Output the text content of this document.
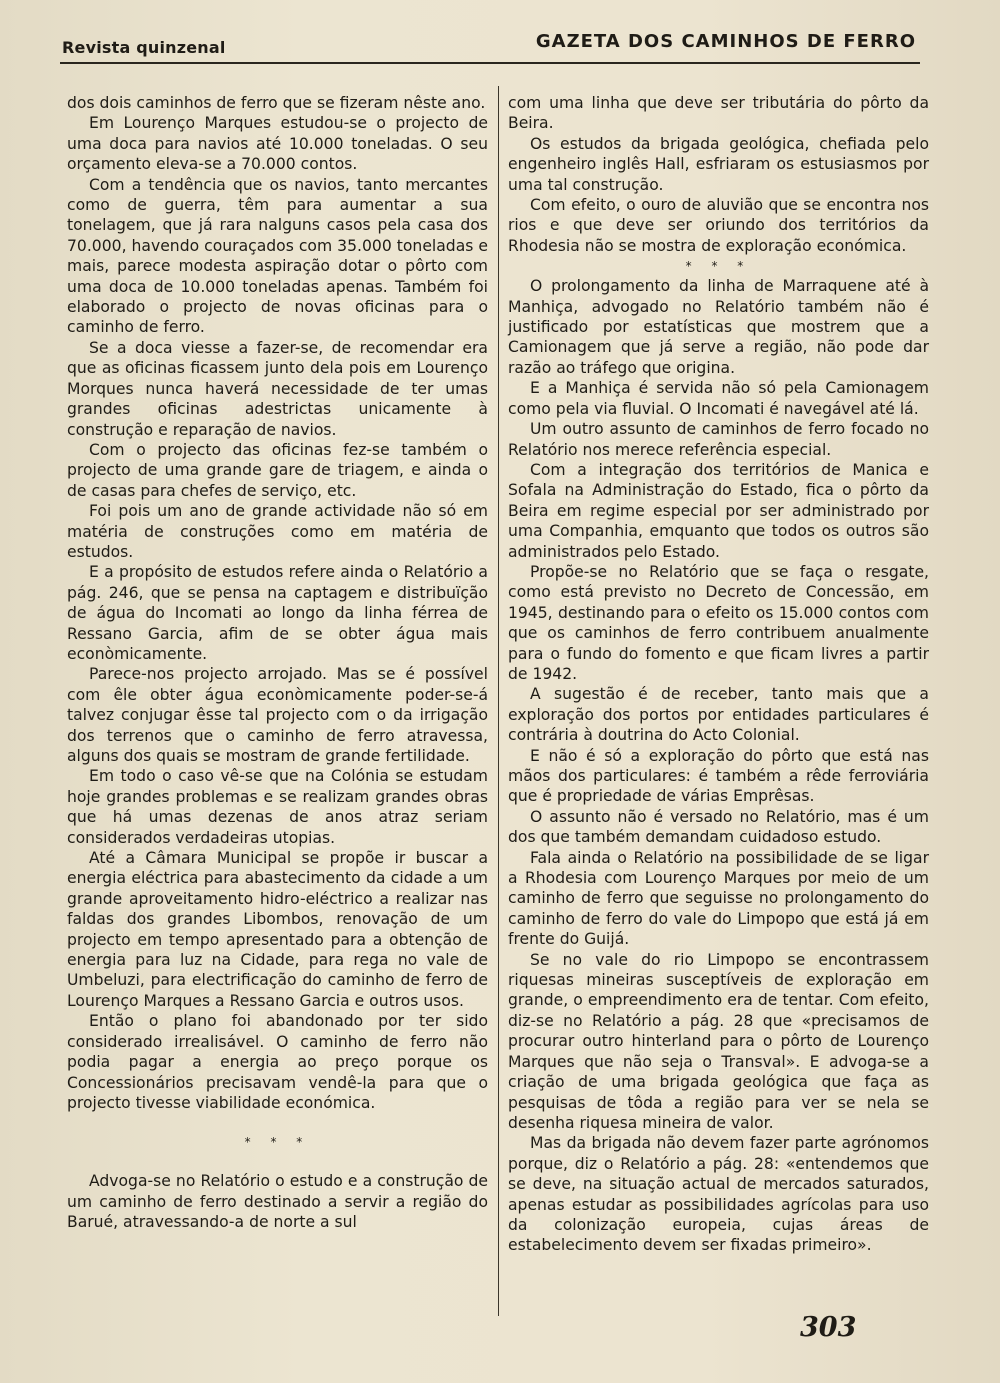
Revista quinzenal	GAZETA DOS CAMINHOS DE FERRO

dos dois caminhos de ferro que se fizeram nêste ano.

Em Lourenço Marques estudou-se o projecto de uma doca para navios até 10.000 toneladas. O seu orçamento eleva-se a 70.000 contos.

Com a tendência que os navios, tanto mercantes como de guerra, têm para aumentar a sua tonelagem, que já rara nalguns casos pela casa dos 70.000, havendo couraçados com 35.000 toneladas e mais, parece modesta aspiração dotar o pôrto com uma doca de 10.000 toneladas apenas. Também foi elaborado o projecto de novas oficinas para o caminho de ferro.

Se a doca viesse a fazer-se, de recomendar era que as oficinas ficassem junto dela pois em Lourenço Morques nunca haverá necessidade de ter umas grandes oficinas adestrictas unicamente à construção e reparação de navios.

Com o projecto das oficinas fez-se também o projecto de uma grande gare de triagem, e ainda o de casas para chefes de serviço, etc.

Foi pois um ano de grande actividade não só em matéria de construções como em matéria de estudos.

E a propósito de estudos refere ainda o Relatório a pág. 246, que se pensa na captagem e distribuïção de água do Incomati ao longo da linha férrea de Ressano Garcia, afim de se obter água mais econòmicamente.

Parece-nos projecto arrojado. Mas se é possível com êle obter água econòmicamente poder-se-á talvez conjugar êsse tal projecto com o da irrigação dos terrenos que o caminho de ferro atravessa, alguns dos quais se mostram de grande fertilidade.

Em todo o caso vê-se que na Colónia se estudam hoje grandes problemas e se realizam grandes obras que há umas dezenas de anos atraz seriam considerados verdadeiras utopias.

Até a Câmara Municipal se propõe ir buscar a energia eléctrica para abastecimento da cidade a um grande aproveitamento hidro-eléctrico a realizar nas faldas dos grandes Libombos, renovação de um projecto em tempo apresentado para a obtenção de energia para luz na Cidade, para rega no vale de Umbeluzi, para electrificação do caminho de ferro de Lourenço Marques a Ressano Garcia e outros usos.

Então o plano foi abandonado por ter sido considerado irrealisável. O caminho de ferro não podia pagar a energia ao preço porque os Concessionários precisavam vendê-la para que o projecto tivesse viabilidade económica.

* * *

Advoga-se no Relatório o estudo e a construção de um caminho de ferro destinado a servir a região do Barué, atravessando-a de norte a sul

com uma linha que deve ser tributária do pôrto da Beira.

Os estudos da brigada geológica, chefiada pelo engenheiro inglês Hall, esfriaram os estusiasmos por uma tal construção.

Com efeito, o ouro de aluvião que se encontra nos rios e que deve ser oriundo dos territórios da Rhodesia não se mostra de exploração económica.

* * *

O prolongamento da linha de Marraquene até à Manhiça, advogado no Relatório também não é justificado por estatísticas que mostrem que a Camionagem que já serve a região, não pode dar razão ao tráfego que origina.

E a Manhiça é servida não só pela Camionagem como pela via fluvial. O Incomati é navegável até lá.

Um outro assunto de caminhos de ferro focado no Relatório nos merece referência especial.

Com a integração dos territórios de Manica e Sofala na Administração do Estado, fica o pôrto da Beira em regime especial por ser administrado por uma Companhia, emquanto que todos os outros são administrados pelo Estado.

Propõe-se no Relatório que se faça o resgate, como está previsto no Decreto de Concessão, em 1945, destinando para o efeito os 15.000 contos com que os caminhos de ferro contribuem anualmente para o fundo do fomento e que ficam livres a partir de 1942.

A sugestão é de receber, tanto mais que a exploração dos portos por entidades particulares é contrária à doutrina do Acto Colonial.

E não é só a exploração do pôrto que está nas mãos dos particulares: é também a rêde ferroviária que é propriedade de várias Emprêsas.

O assunto não é versado no Relatório, mas é um dos que também demandam cuidadoso estudo.

Fala ainda o Relatório na possibilidade de se ligar a Rhodesia com Lourenço Marques por meio de um caminho de ferro que seguisse no prolongamento do caminho de ferro do vale do Limpopo que está já em frente do Guijá.

Se no vale do rio Limpopo se encontrassem riquesas mineiras susceptíveis de exploração em grande, o empreendimento era de tentar. Com efeito, diz-se no Relatório a pág. 28 que «precisamos de procurar outro hinterland para o pôrto de Lourenço Marques que não seja o Transval». E advoga-se a criação de uma brigada geológica que faça as pesquisas de tôda a região para ver se nela se desenha riquesa mineira de valor.

Mas da brigada não devem fazer parte agrónomos porque, diz o Relatório a pág. 28: «entendemos que se deve, na situação actual de mercados saturados, apenas estudar as possibilidades agrícolas para uso da colonização europeia, cujas áreas de estabelecimento devem ser fixadas primeiro».

303
